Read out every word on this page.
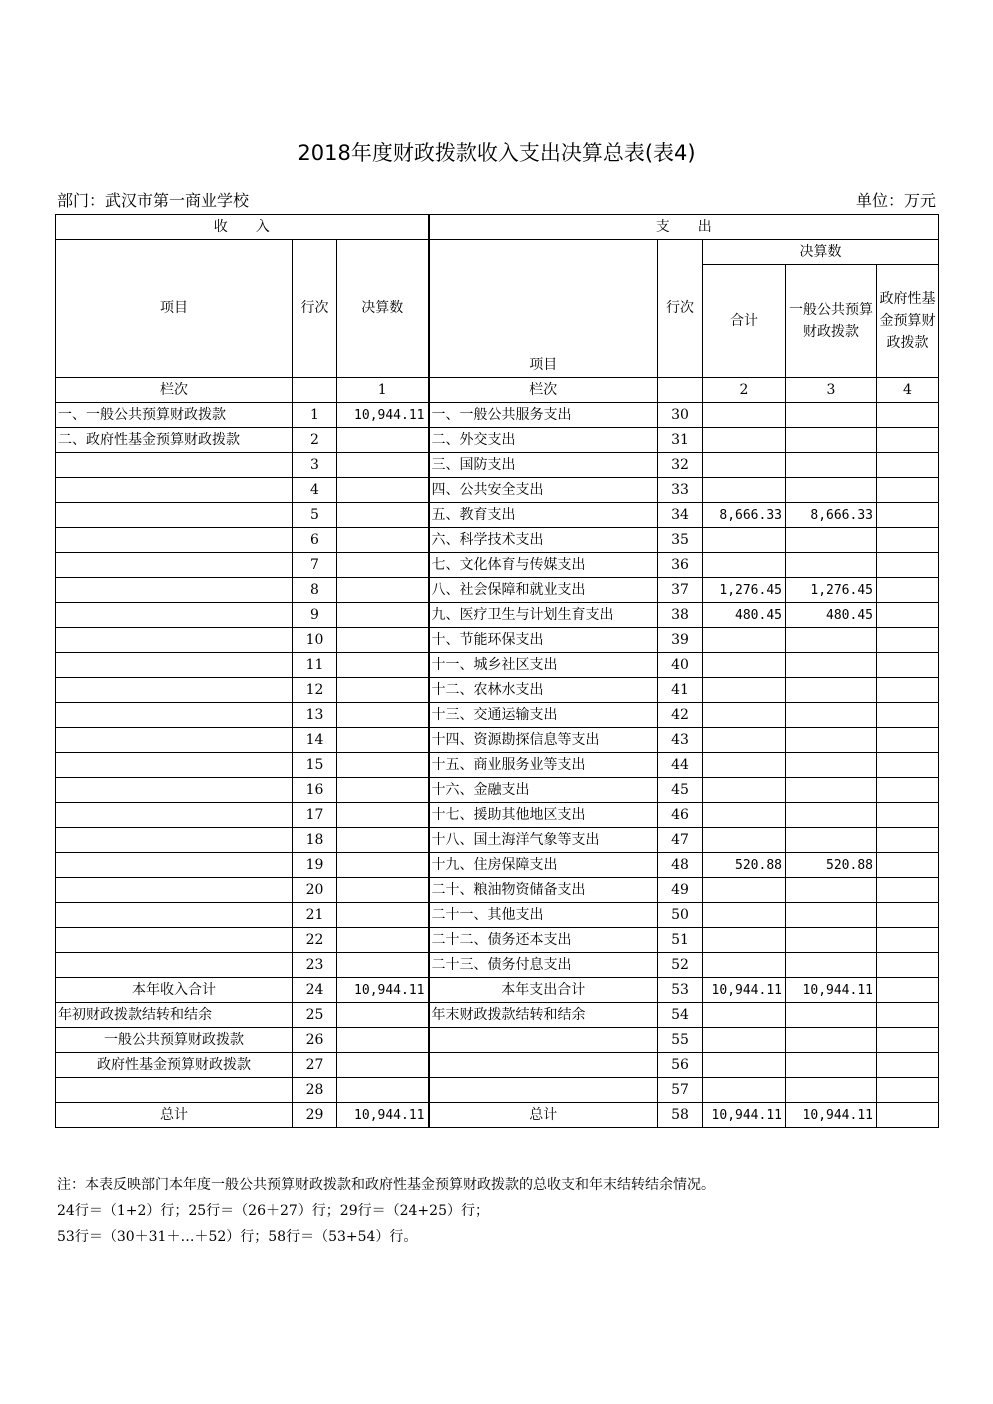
2018年度财政拨款收入支出决算总表(表4)
部门：武汉市第一商业学校	单位：万元
收　　入			支　　出				
项目	行次	决算数	项目	行次	决算数		
					合计	一般公共预算财政拨款	政府性基金预算财政拨款

栏次		1	栏次		2	3	4
一、一般公共预算财政拨款	1	10,944.11	一、一般公共服务支出	30			
二、政府性基金预算财政拨款	2		二、外交支出	31			
	3		三、国防支出	32			
	4		四、公共安全支出	33			
	5		五、教育支出	34	8,666.33	8,666.33	
	6		六、科学技术支出	35			
	7		七、文化体育与传媒支出	36			
	8		八、社会保障和就业支出	37	1,276.45	1,276.45	
	9		九、医疗卫生与计划生育支出	38	480.45	480.45	
	10		十、节能环保支出	39			
	11		十一、城乡社区支出	40			
	12		十二、农林水支出	41			
	13		十三、交通运输支出	42			
	14		十四、资源勘探信息等支出	43			
	15		十五、商业服务业等支出	44			
	16		十六、金融支出	45			
	17		十七、援助其他地区支出	46			
	18		十八、国土海洋气象等支出	47			
	19		十九、住房保障支出	48	520.88	520.88	
	20		二十、粮油物资储备支出	49			
	21		二十一、其他支出	50			
	22		二十二、债务还本支出	51			
	23		二十三、债务付息支出	52			
本年收入合计	24	10,944.11	本年支出合计	53	10,944.11	10,944.11	
年初财政拨款结转和结余	25		年末财政拨款结转和结余	54			
一般公共预算财政拨款	26			55			
政府性基金预算财政拨款	27			56			
	28			57			
总计	29	10,944.11	总计	58	10,944.11	10,944.11	
注：本表反映部门本年度一般公共预算财政拨款和政府性基金预算财政拨款的总收支和年末结转结余情况。
24行＝（1+2）行；25行＝（26＋27）行；29行＝（24+25）行；
53行＝（30＋31＋…＋52）行；58行＝（53+54）行。
